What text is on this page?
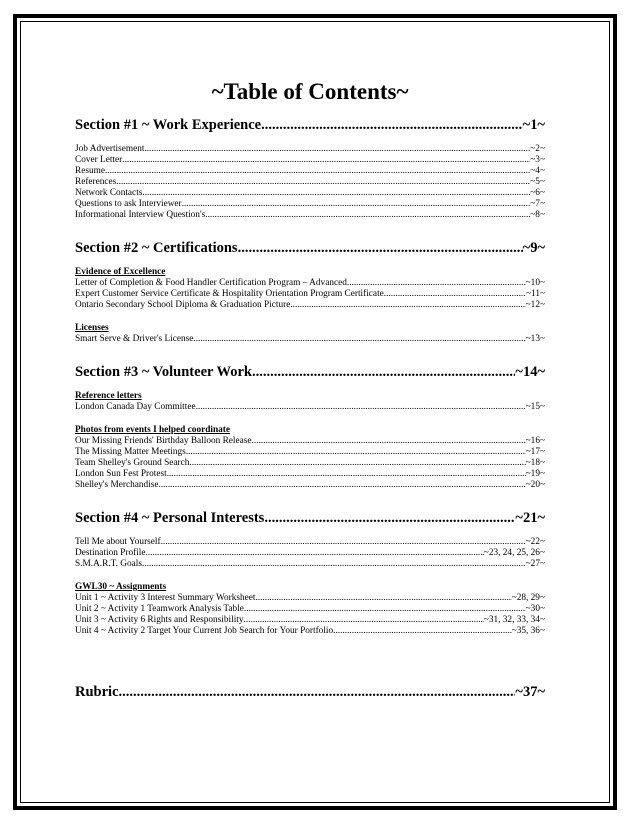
~Table of Contents~
Section #1 ~ Work Experience .....	~1~
Job Advertisement .....	~2~
Cover Letter .....	~3~
Resume .....	~4~
References .....	~5~
Network Contacts .....	~6~
Questions to ask Interviewer .....	~7~
Informational Interview Question's .....	~8~
Section #2 ~ Certifications .....	~9~
Evidence of Excellence
Letter of Completion & Food Handler Certification Program – Advanced .....	~10~
Expert Customer Service Certificate & Hospitality Orientation Program Certificate .....	~11~
Ontario Secondary School Diploma & Graduation Picture .....	~12~
Licenses
Smart Serve & Driver's License .....	~13~
Section #3 ~ Volunteer Work .....	~14~
Reference letters
London Canada Day Committee .....	~15~
Photos from events I helped coordinate
Our Missing Friends' Birthday Balloon Release .....	~16~
The Missing Matter Meetings .....	~17~
Team Shelley's Ground Search .....	~18~
London Sun Fest Protest .....	~19~
Shelley's Merchandise .....	~20~
Section #4 ~ Personal Interests .....	~21~
Tell Me about Yourself .....	~22~
Destination Profile .....	~23, 24, 25, 26~
S.M.A.R.T. Goals .....	~27~
GWL30 ~ Assignments
Unit 1 ~ Activity 3 Interest Summary Worksheet .....	~28, 29~
Unit 2 ~ Activity 1 Teamwork Analysis Table .....	~30~
Unit 3 ~ Activity 6 Rights and Responsibility .....	~31, 32, 33, 34~
Unit 4 ~ Activity 2 Target Your Current Job Search for Your Portfolio .....	~35, 36~
Rubric .....	~37~
